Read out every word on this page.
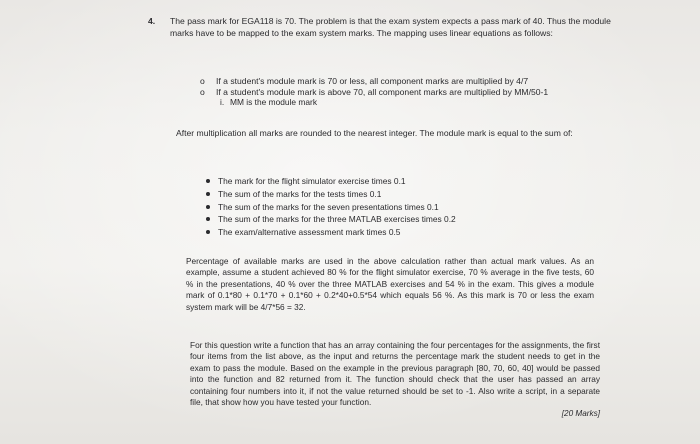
4. The pass mark for EGA118 is 70. The problem is that the exam system expects a pass mark of 40. Thus the module marks have to be mapped to the exam system marks. The mapping uses linear equations as follows:
o If a student's module mark is 70 or less, all component marks are multiplied by 4/7
o If a student's module mark is above 70, all component marks are multiplied by MM/50-1
i. MM is the module mark
After multiplication all marks are rounded to the nearest integer. The module mark is equal to the sum of:
The mark for the flight simulator exercise times 0.1
The sum of the marks for the tests times 0.1
The sum of the marks for the seven presentations times 0.1
The sum of the marks for the three MATLAB exercises times 0.2
The exam/alternative assessment mark times 0.5
Percentage of available marks are used in the above calculation rather than actual mark values. As an example, assume a student achieved 80 % for the flight simulator exercise, 70 % average in the five tests, 60 % in the presentations, 40 % over the three MATLAB exercises and 54 % in the exam. This gives a module mark of 0.1*80 + 0.1*70 + 0.1*60 + 0.2*40+0.5*54 which equals 56 %. As this mark is 70 or less the exam system mark will be 4/7*56 = 32.
For this question write a function that has an array containing the four percentages for the assignments, the first four items from the list above, as the input and returns the percentage mark the student needs to get in the exam to pass the module. Based on the example in the previous paragraph [80, 70, 60, 40] would be passed into the function and 82 returned from it. The function should check that the user has passed an array containing four numbers into it, if not the value returned should be set to -1. Also write a script, in a separate file, that show how you have tested your function.
[20 Marks]
